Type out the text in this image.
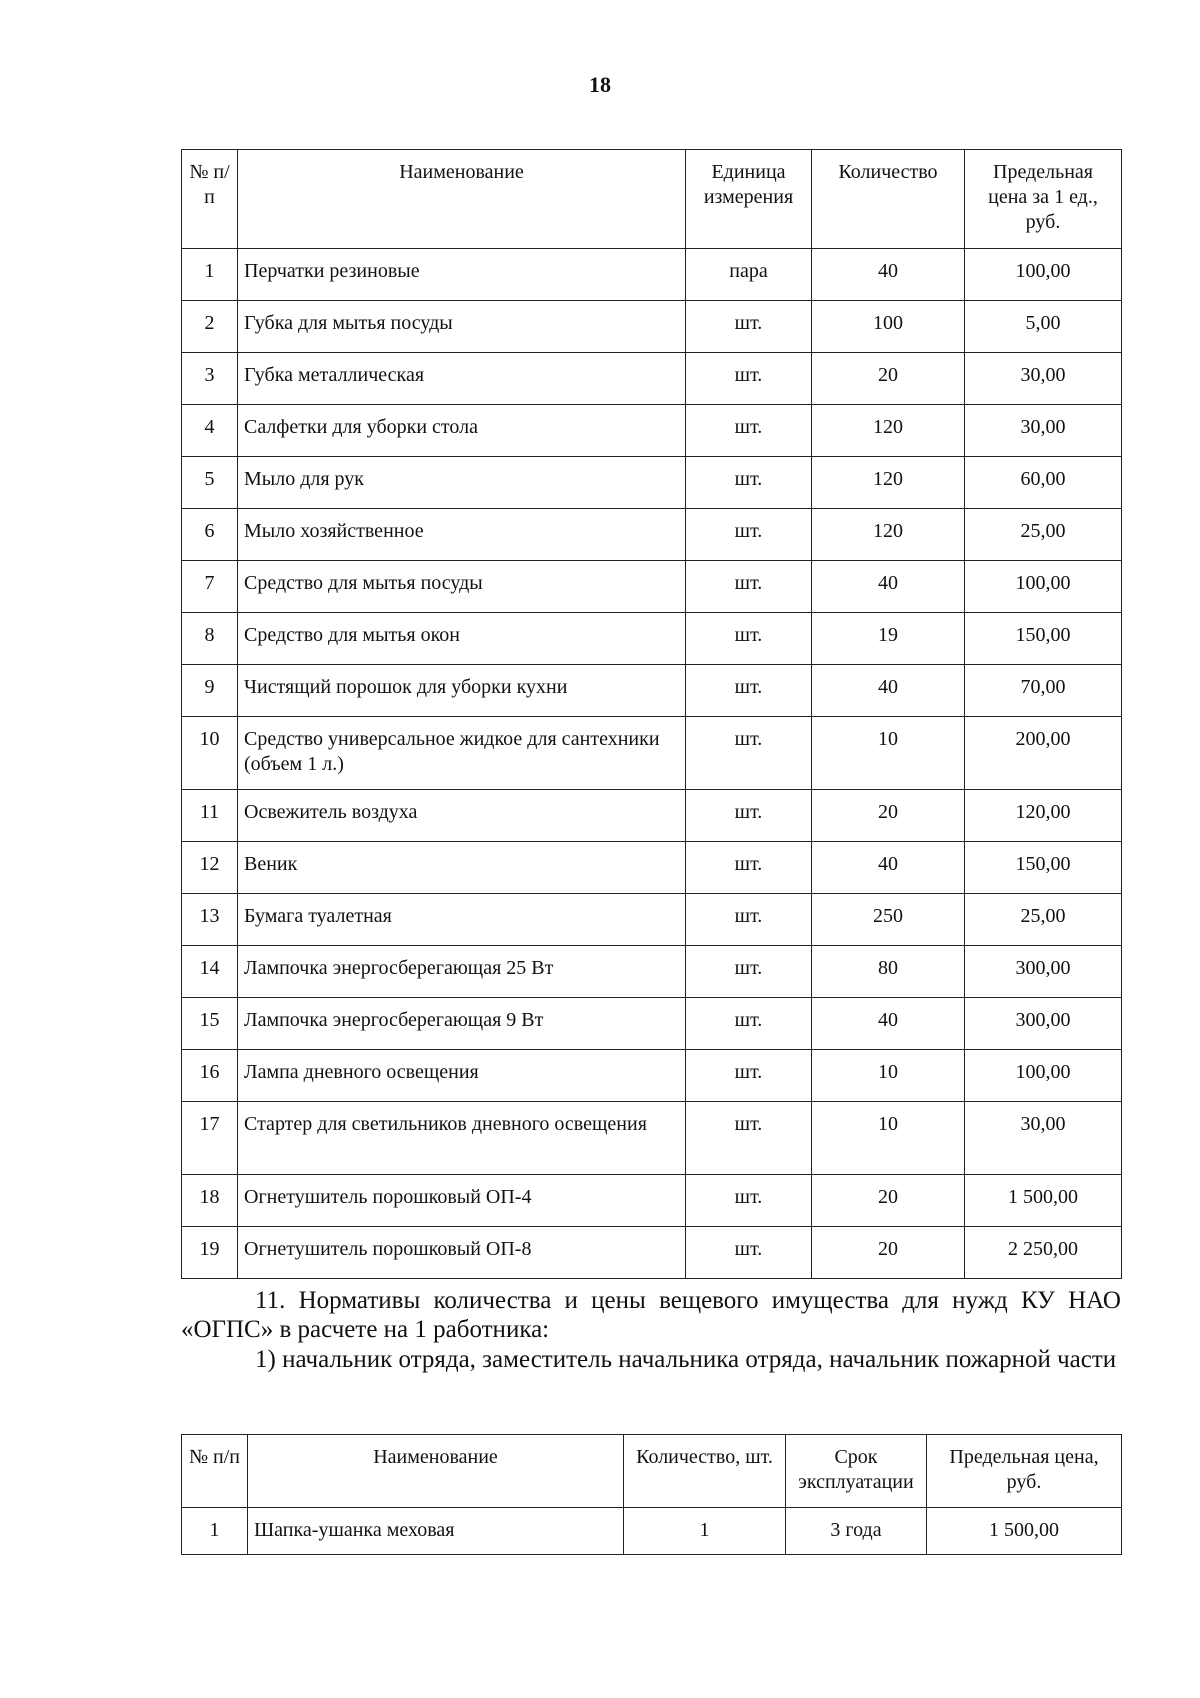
18
№ п/п	Наименование	Единица измерения	Количество	Предельная цена за 1 ед., руб.
1	Перчатки резиновые	пара	40	100,00
2	Губка для мытья посуды	шт.	100	5,00
3	Губка металлическая	шт.	20	30,00
4	Салфетки для уборки стола	шт.	120	30,00
5	Мыло для рук	шт.	120	60,00
6	Мыло хозяйственное	шт.	120	25,00
7	Средство для мытья посуды	шт.	40	100,00
8	Средство для мытья окон	шт.	19	150,00
9	Чистящий порошок для уборки кухни	шт.	40	70,00
10	Средство универсальное жидкое для сантехники (объем 1 л.)	шт.	10	200,00
11	Освежитель воздуха	шт.	20	120,00
12	Веник	шт.	40	150,00
13	Бумага туалетная	шт.	250	25,00
14	Лампочка энергосберегающая 25 Вт	шт.	80	300,00
15	Лампочка энергосберегающая 9 Вт	шт.	40	300,00
16	Лампа дневного освещения	шт.	10	100,00
17	Стартер для светильников дневного освещения	шт.	10	30,00
18	Огнетушитель порошковый ОП-4	шт.	20	1 500,00
19	Огнетушитель порошковый ОП-8	шт.	20	2 250,00
11. Нормативы количества и цены вещевого имущества для нужд КУ НАО «ОГПС» в расчете на 1 работника:
1) начальник отряда, заместитель начальника отряда, начальник пожарной части
№ п/п	Наименование	Количество, шт.	Срок эксплуатации	Предельная цена, руб.
1	Шапка-ушанка меховая	1	3 года	1 500,00
